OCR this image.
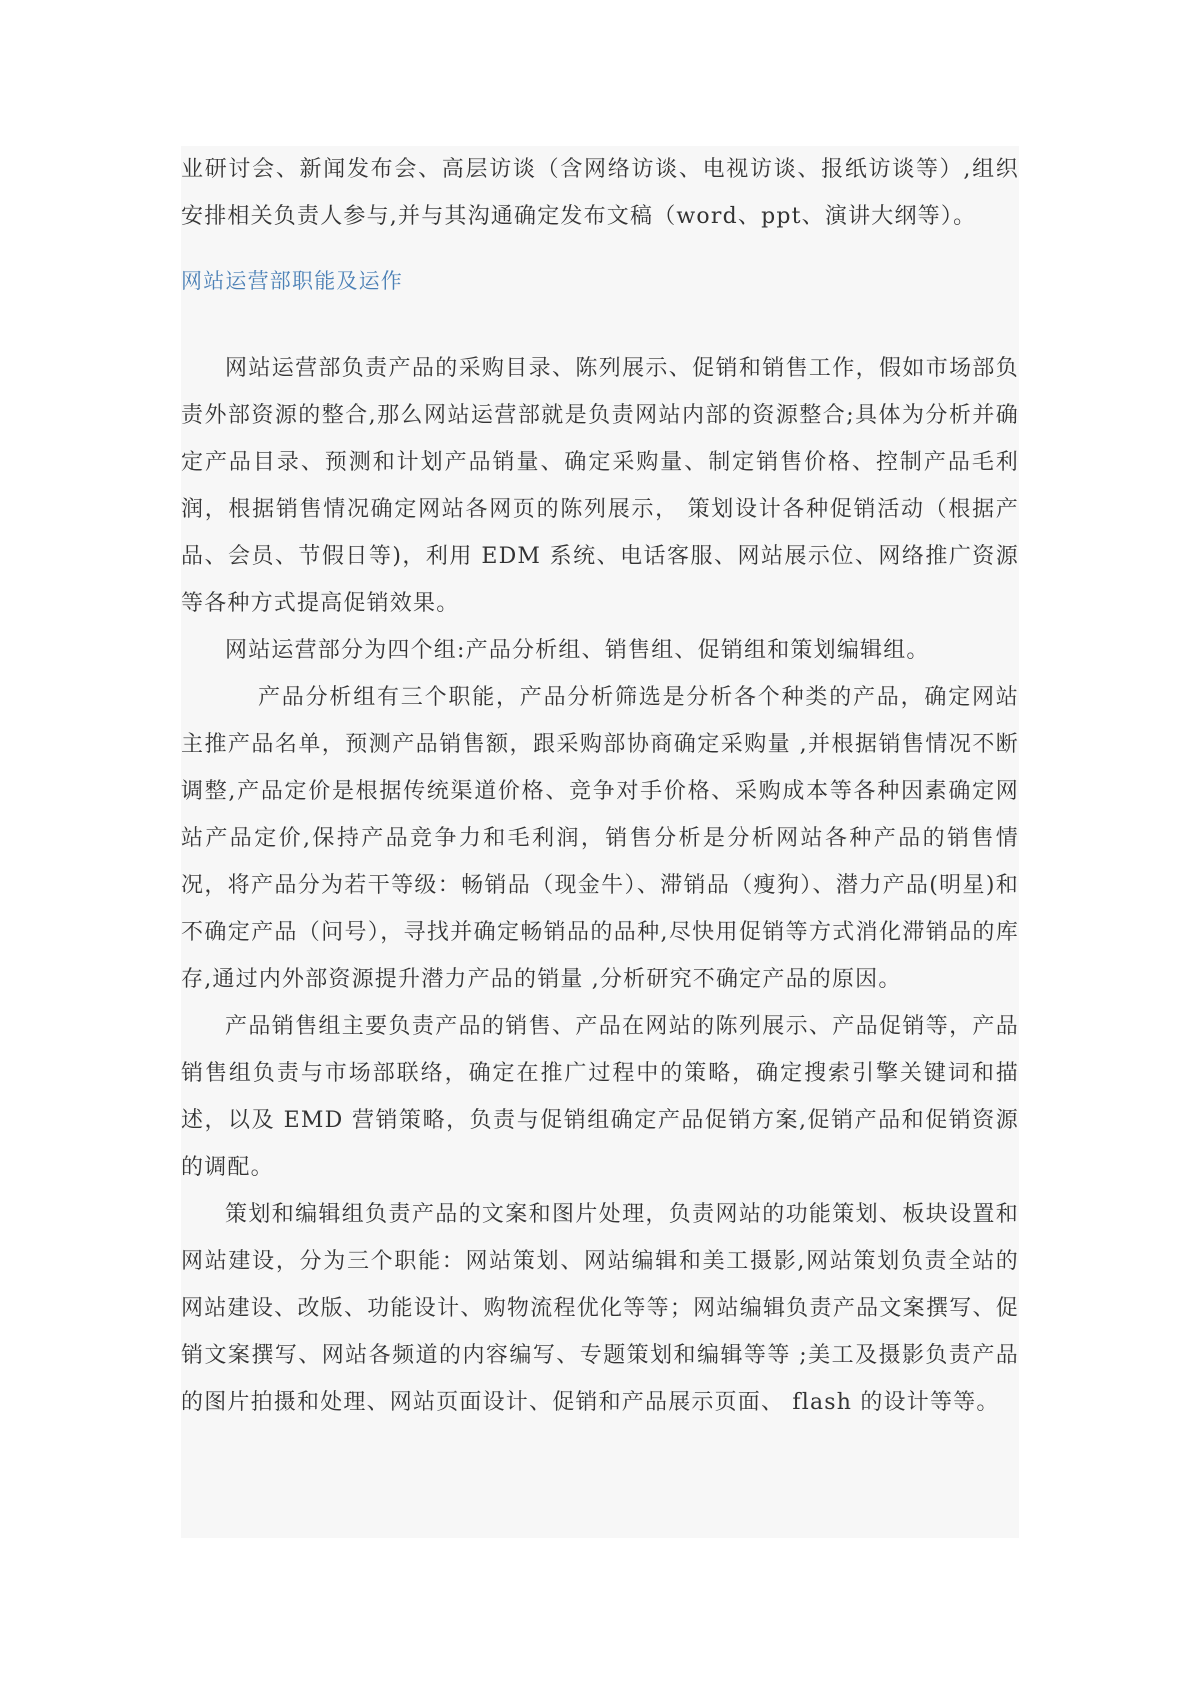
业研讨会、新闻发布会、高层访谈（含网络访谈、电视访谈、报纸访谈等）,组织安排相关负责人参与,并与其沟通确定发布文稿（word、ppt、演讲大纲等）。

网站运营部职能及运作

网站运营部负责产品的采购目录、陈列展示、促销和销售工作，假如市场部负责外部资源的整合,那么网站运营部就是负责网站内部的资源整合;具体为分析并确定产品目录、预测和计划产品销量、确定采购量、制定销售价格、控制产品毛利润，根据销售情况确定网站各网页的陈列展示， 策划设计各种促销活动（根据产品、会员、节假日等)，利用 EDM 系统、电话客服、网站展示位、网络推广资源等各种方式提高促销效果。

网站运营部分为四个组:产品分析组、销售组、促销组和策划编辑组。

产品分析组有三个职能，产品分析筛选是分析各个种类的产品，确定网站主推产品名单，预测产品销售额，跟采购部协商确定采购量 ,并根据销售情况不断调整,产品定价是根据传统渠道价格、竞争对手价格、采购成本等各种因素确定网站产品定价,保持产品竞争力和毛利润，销售分析是分析网站各种产品的销售情况，将产品分为若干等级：畅销品（现金牛）、滞销品（瘦狗）、潜力产品(明星)和不确定产品（问号），寻找并确定畅销品的品种,尽快用促销等方式消化滞销品的库存,通过内外部资源提升潜力产品的销量 ,分析研究不确定产品的原因。

产品销售组主要负责产品的销售、产品在网站的陈列展示、产品促销等，产品销售组负责与市场部联络，确定在推广过程中的策略，确定搜索引擎关键词和描述，以及 EMD 营销策略，负责与促销组确定产品促销方案,促销产品和促销资源的调配。

策划和编辑组负责产品的文案和图片处理，负责网站的功能策划、板块设置和网站建设，分为三个职能：网站策划、网站编辑和美工摄影,网站策划负责全站的网站建设、改版、功能设计、购物流程优化等等；网站编辑负责产品文案撰写、促销文案撰写、网站各频道的内容编写、专题策划和编辑等等 ;美工及摄影负责产品的图片拍摄和处理、网站页面设计、促销和产品展示页面、 flash 的设计等等。
